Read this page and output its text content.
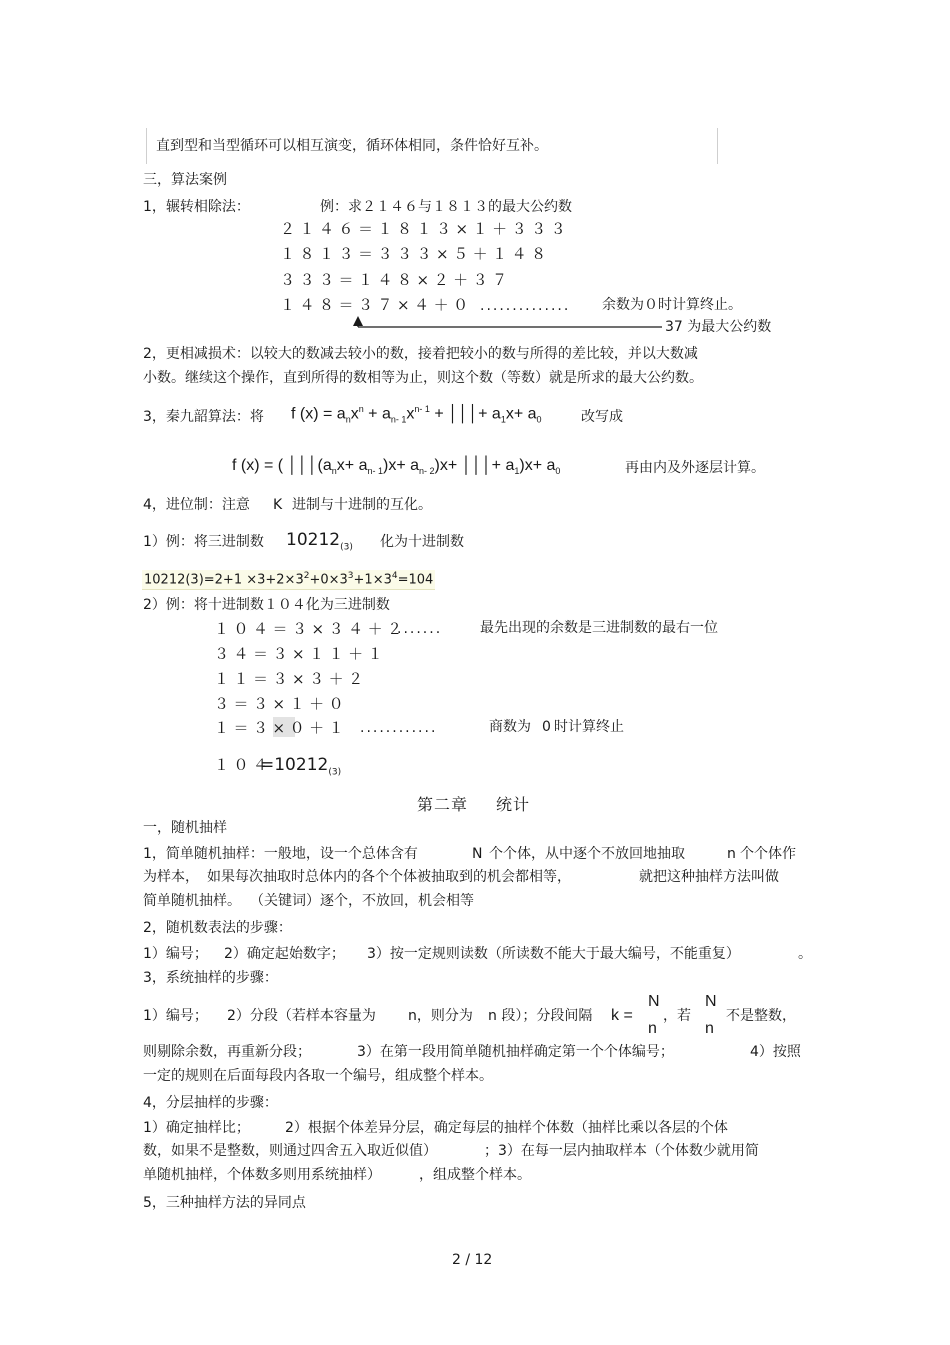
直到型和当型循环可以相互演变，循环体相同，条件恰好互补。
三，算法案例
1，辗转相除法：	例：求２１４６与１８１３的最大公约数
２１４６＝１８１３×１＋３３３
１８１３＝３３３×５＋１４８
３３３＝１４８×２＋３７
１４８＝３７×４＋０ .............. 余数为０时计算终止。
37 为最大公约数
2，更相减损术：以较大的数减去较小的数，接着把较小的数与所得的差比较，并以大数减
小数。继续这个操作，直到所得的数相等为止，则这个数（等数）就是所求的最大公约数。
3，秦九韶算法：将 f $(x) = a_nx^n + a_{n- 1}x^{n- 1}$ + │││+ $a_1x+ a_0$	改写成
f (x) = ( $│││(a_nx+ a_{n- 1})x+ a_{n- 2})x+$ │││+ $a_1)x+ a_0$	再由内及外逐层计算。
4，进位制：注意 K 进制与十进制的互化。
1）例：将三进制数 $10212_{(3)}$ 化为十进制数
$10212(3)=2+1 \times 3+2\times 3^2+0\times 3^3+1\times 3^4=104$
2）例：将十进制数１０４化为三进制数
１０４＝３×３４＋２
.......	最先出现的余数是三进制数的最右一位
３４＝３×１１＋１
１１＝３×３＋２
３＝３×１＋０
１＝３×０＋１ ............	商数为 0 时计算终止
１０４
$=10212_{(3)}$
第二章 统计
一，随机抽样
1，简单随机抽样：一般地，设一个总体含有	N 个个体，从中逐个不放回地抽取	n 个个体作
为样本， 如果每次抽取时总体内的各个个体被抽取到的机会都相等，	就把这种抽样方法叫做
简单随机抽样。 （关键词）逐个，不放回，机会相等
2，随机数表法的步骤：
1）编号； 2）确定起始数字； 3）按一定规则读数（所读数不能大于最大编号，不能重复）	。
3，系统抽样的步骤：
1）编号； 2）分段（若样本容量为 n，则分为 n 段）；分段间隔 k =
N
n
，若
N
n
不是整数，
则剔除余数，再重新分段；	3）在第一段用简单随机抽样确定第一个个体编号；	4）按照
一定的规则在后面每段内各取一个编号，组成整个样本。
4，分层抽样的步骤：
1）确定抽样比；	2）根据个体差异分层，确定每层的抽样个体数（抽样比乘以各层的个体
数，如果不是整数，则通过四舍五入取近似值）	；3）在每一层内抽取样本（个体数少就用简
单随机抽样，个体数多则用系统抽样）	，组成整个样本。
5，三种抽样方法的异同点
2 / 12
